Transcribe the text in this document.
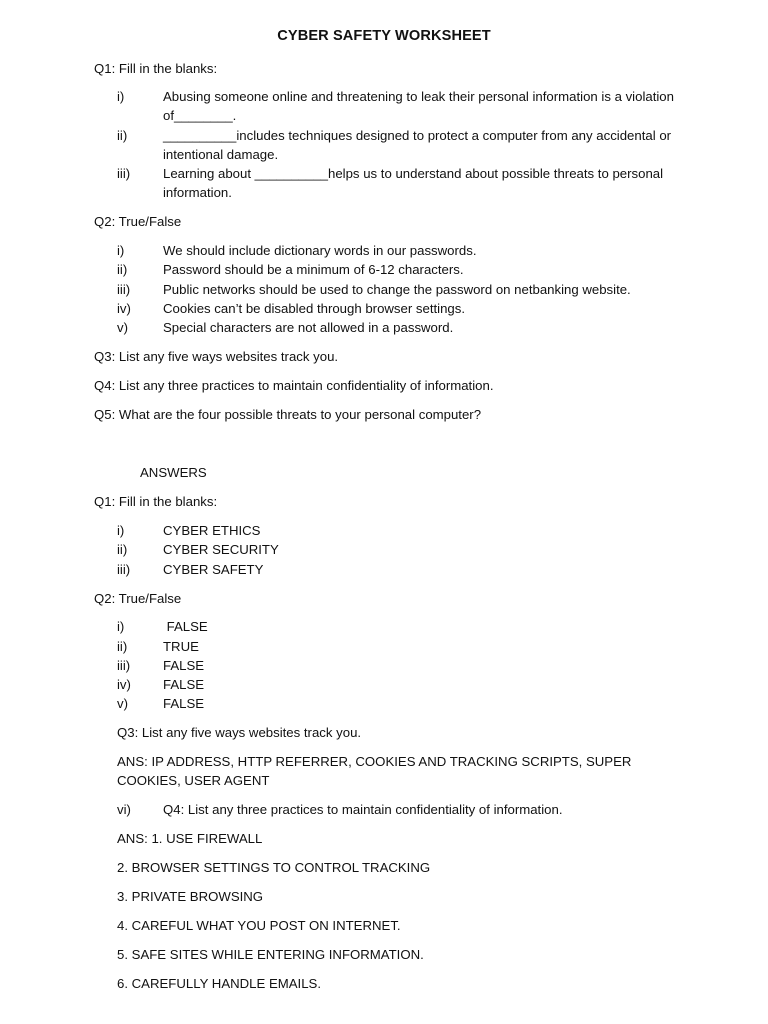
CYBER SAFETY WORKSHEET
Q1: Fill in the blanks:
i)	Abusing someone online and threatening to leak their personal information is a violation of________.
ii)	__________includes techniques designed to protect a computer from any accidental or intentional damage.
iii) Learning about __________helps us to understand about possible threats to personal information.
Q2: True/False
i)	We should include dictionary words in our passwords.
ii)	Password should be a minimum of 6-12 characters.
iii) Public networks should be used to change the password on netbanking website.
iv) Cookies can’t be disabled through browser settings.
v)	Special characters are not allowed in a password.
Q3: List any five ways websites track you.
Q4: List any three practices to maintain confidentiality of information.
Q5: What are the four possible threats to your personal computer?
ANSWERS
Q1: Fill in the blanks:
i)	CYBER ETHICS
ii)	CYBER SECURITY
iii) CYBER SAFETY
Q2: True/False
i)	FALSE
ii)	TRUE
iii) FALSE
iv) FALSE
v)	FALSE
Q3: List any five ways websites track you.
ANS: IP ADDRESS, HTTP REFERRER, COOKIES AND TRACKING SCRIPTS, SUPER COOKIES, USER AGENT
vi) Q4: List any three practices to maintain confidentiality of information.
ANS: 1. USE FIREWALL
2. BROWSER SETTINGS TO CONTROL TRACKING
3. PRIVATE BROWSING
4. CAREFUL WHAT YOU POST ON INTERNET.
5. SAFE SITES WHILE ENTERING INFORMATION.
6. CAREFULLY HANDLE EMAILS.
